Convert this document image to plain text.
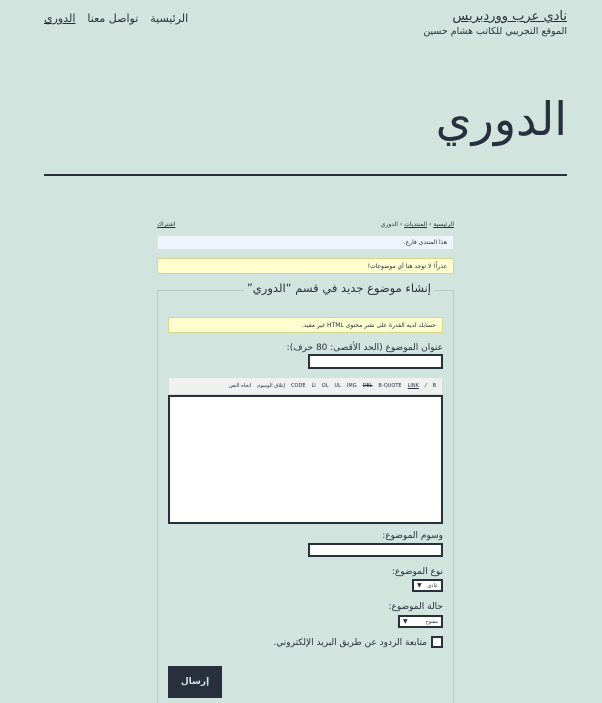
نادي عرب ووردبريس
الموقع التجريبي للكاتب هشام حسين
الرئيسية
تواصل معنا
الدوري
الدوري
الرئيسية › المنتديات › الدوري
اشتراك
هذا المنتدى فارغ.
عذراً! لا توجد هنا أي موضوعات!
إنشاء موضوع جديد في قسم “الدوري”
حسابك لديه القدرة على نشر محتوى HTML غير مقيد.
عنوان الموضوع (الحد الأقصى: 80 حرف):
B
/
LINK
B-QUOTE
DEL
IMG
UL
OL
LI
CODE
إغلاق الوسوم
اتجاه النص
وسوم الموضوع:
نوع الموضوع:
عادي
▼
حالة الموضوع:
مفتوح
▼
متابعة الردود عن طريق البريد الإلكتروني.
إرسال
